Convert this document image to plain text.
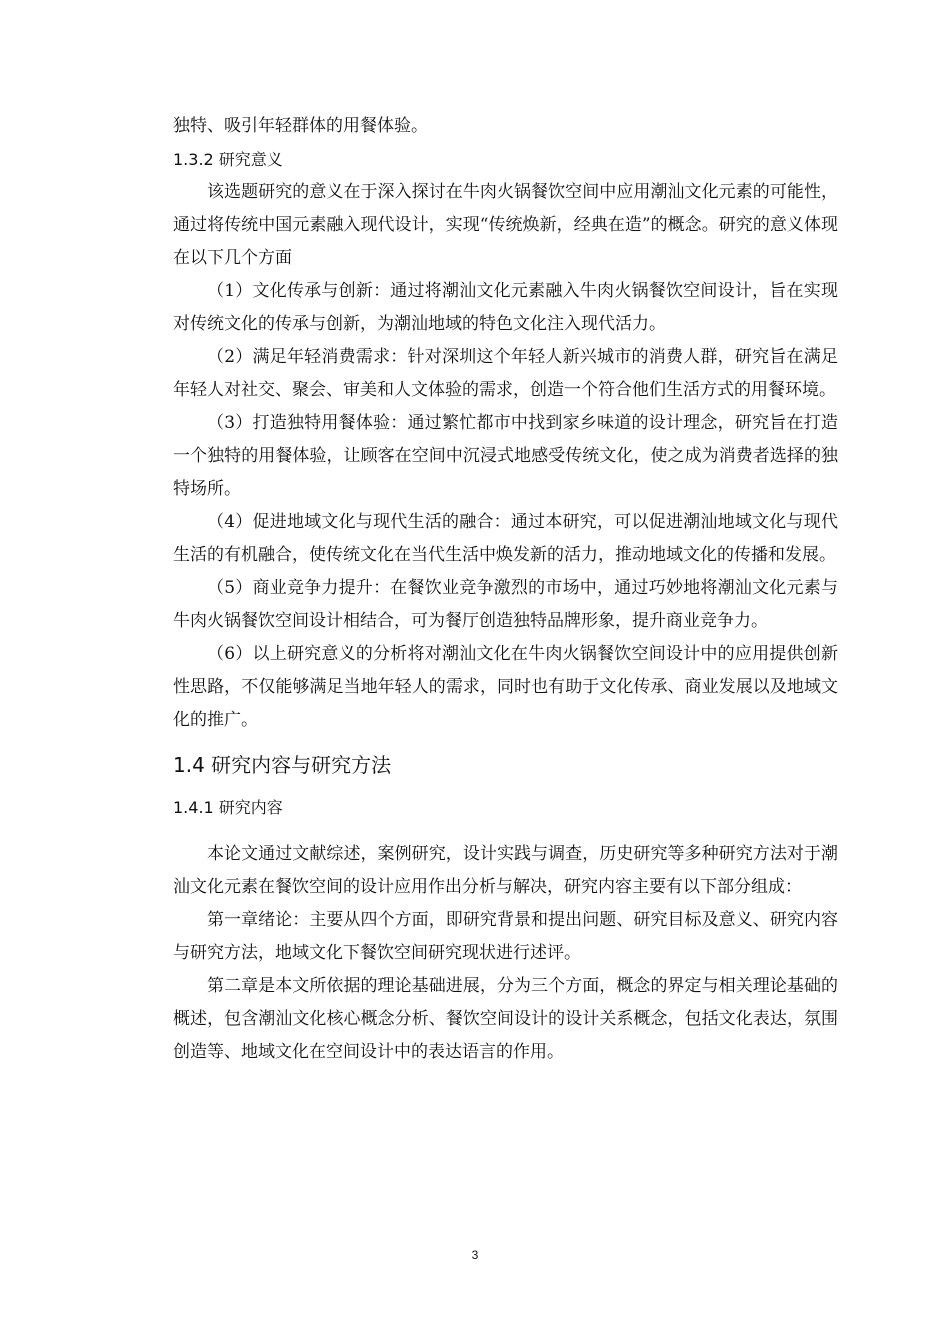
独特、吸引年轻群体的用餐体验。

1.3.2 研究意义

该选题研究的意义在于深入探讨在牛肉火锅餐饮空间中应用潮汕文化元素的可能性，通过将传统中国元素融入现代设计，实现“传统焕新，经典在造”的概念。研究的意义体现在以下几个方面

（1）文化传承与创新：通过将潮汕文化元素融入牛肉火锅餐饮空间设计，旨在实现对传统文化的传承与创新，为潮汕地域的特色文化注入现代活力。

（2）满足年轻消费需求：针对深圳这个年轻人新兴城市的消费人群，研究旨在满足年轻人对社交、聚会、审美和人文体验的需求，创造一个符合他们生活方式的用餐环境。

（3）打造独特用餐体验：通过繁忙都市中找到家乡味道的设计理念，研究旨在打造一个独特的用餐体验，让顾客在空间中沉浸式地感受传统文化，使之成为消费者选择的独特场所。

（4）促进地域文化与现代生活的融合：通过本研究，可以促进潮汕地域文化与现代生活的有机融合，使传统文化在当代生活中焕发新的活力，推动地域文化的传播和发展。

（5）商业竞争力提升：在餐饮业竞争激烈的市场中，通过巧妙地将潮汕文化元素与牛肉火锅餐饮空间设计相结合，可为餐厅创造独特品牌形象，提升商业竞争力。

（6）以上研究意义的分析将对潮汕文化在牛肉火锅餐饮空间设计中的应用提供创新性思路，不仅能够满足当地年轻人的需求，同时也有助于文化传承、商业发展以及地域文化的推广。

1.4 研究内容与研究方法
1.4.1 研究内容

本论文通过文献综述，案例研究，设计实践与调查，历史研究等多种研究方法对于潮汕文化元素在餐饮空间的设计应用作出分析与解决，研究内容主要有以下部分组成：

第一章绪论：主要从四个方面，即研究背景和提出问题、研究目标及意义、研究内容与研究方法，地域文化下餐饮空间研究现状进行述评。

第二章是本文所依据的理论基础进展，分为三个方面，概念的界定与相关理论基础的概述，包含潮汕文化核心概念分析、餐饮空间设计的设计关系概念，包括文化表达，氛围创造等、地域文化在空间设计中的表达语言的作用。

3
